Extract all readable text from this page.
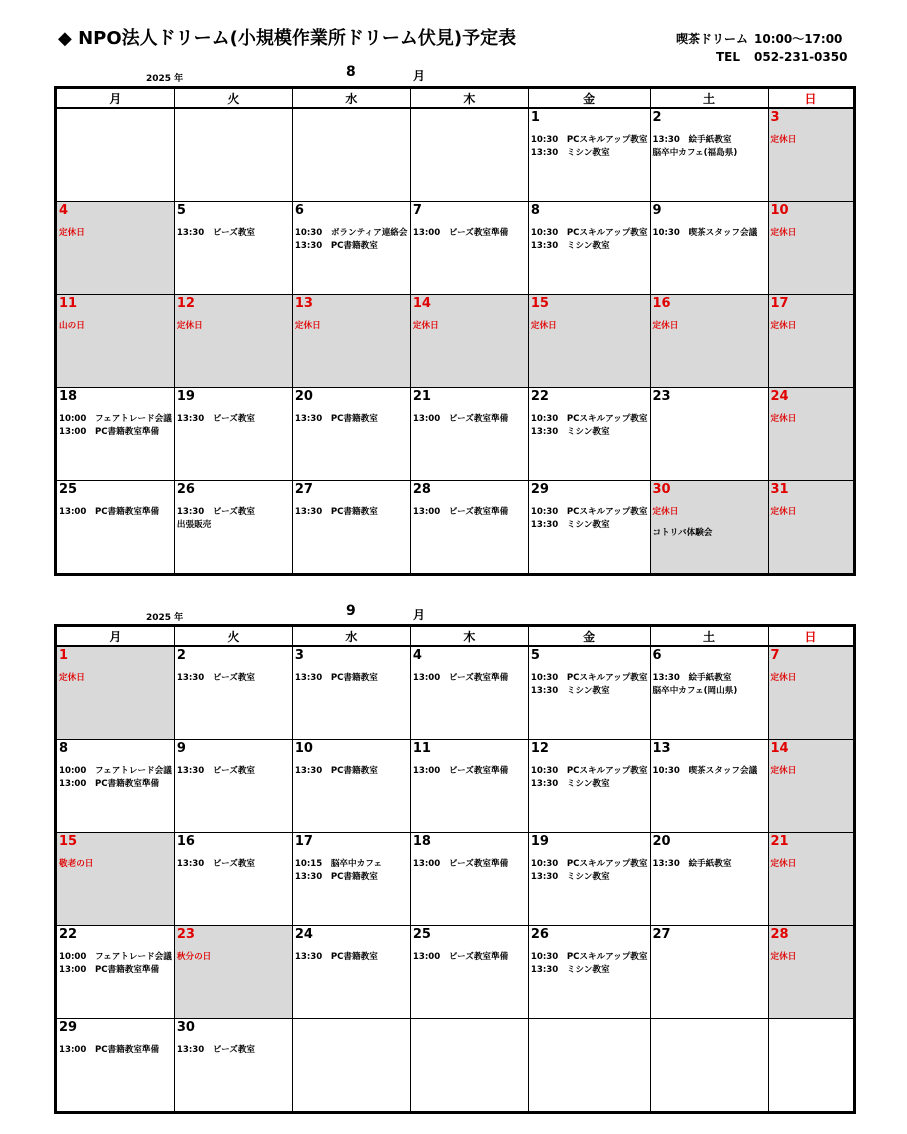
◆ NPO法人ドリーム(小規模作業所ドリーム伏見)予定表	喫茶ドリーム 10:00～17:00
TEL 052-231-0350
2025 年	8	月
月	火	水	木	金	土	日

				1
10:30　PCスキルアップ教室
13:30　ミシン教室	2
13:30　絵手紙教室
脳卒中カフェ(福島県)	3
定休日

4
定休日	5
13:30　ビーズ教室	6
10:30　ボランティア連絡会
13:30　PC書籍教室	7
13:00　ビーズ教室準備	8
10:30　PCスキルアップ教室
13:30　ミシン教室	9
10:30　喫茶スタッフ会議	10
定休日

11
山の日	12
定休日	13
定休日	14
定休日	15
定休日	16
定休日	17
定休日

18
10:00　フェアトレード会議
13:00　PC書籍教室準備	19
13:30　ビーズ教室	20
13:30　PC書籍教室	21
13:00　ビーズ教室準備	22
10:30　PCスキルアップ教室
13:30　ミシン教室	23	24
定休日

25
13:00　PC書籍教室準備	26
13:30　ビーズ教室
出張販売	27
13:30　PC書籍教室	28
13:00　ビーズ教室準備	29
10:30　PCスキルアップ教室
13:30　ミシン教室	30
定休日
コトリバ体験会	31
定休日
2025 年	9	月
月	火	水	木	金	土	日

1
定休日	2
13:30　ビーズ教室	3
13:30　PC書籍教室	4
13:00　ビーズ教室準備	5
10:30　PCスキルアップ教室
13:30　ミシン教室	6
13:30　絵手紙教室
脳卒中カフェ(岡山県)	7
定休日

8
10:00　フェアトレード会議
13:00　PC書籍教室準備	9
13:30　ビーズ教室	10
13:30　PC書籍教室	11
13:00　ビーズ教室準備	12
10:30　PCスキルアップ教室
13:30　ミシン教室	13
10:30　喫茶スタッフ会議	14
定休日

15
敬老の日	16
13:30　ビーズ教室	17
10:15　脳卒中カフェ
13:30　PC書籍教室	18
13:00　ビーズ教室準備	19
10:30　PCスキルアップ教室
13:30　ミシン教室	20
13:30　絵手紙教室	21
定休日

22
10:00　フェアトレード会議
13:00　PC書籍教室準備	23
秋分の日	24
13:30　PC書籍教室	25
13:00　ビーズ教室準備	26
10:30　PCスキルアップ教室
13:30　ミシン教室	27	28
定休日

29
13:00　PC書籍教室準備	30
13:30　ビーズ教室					
